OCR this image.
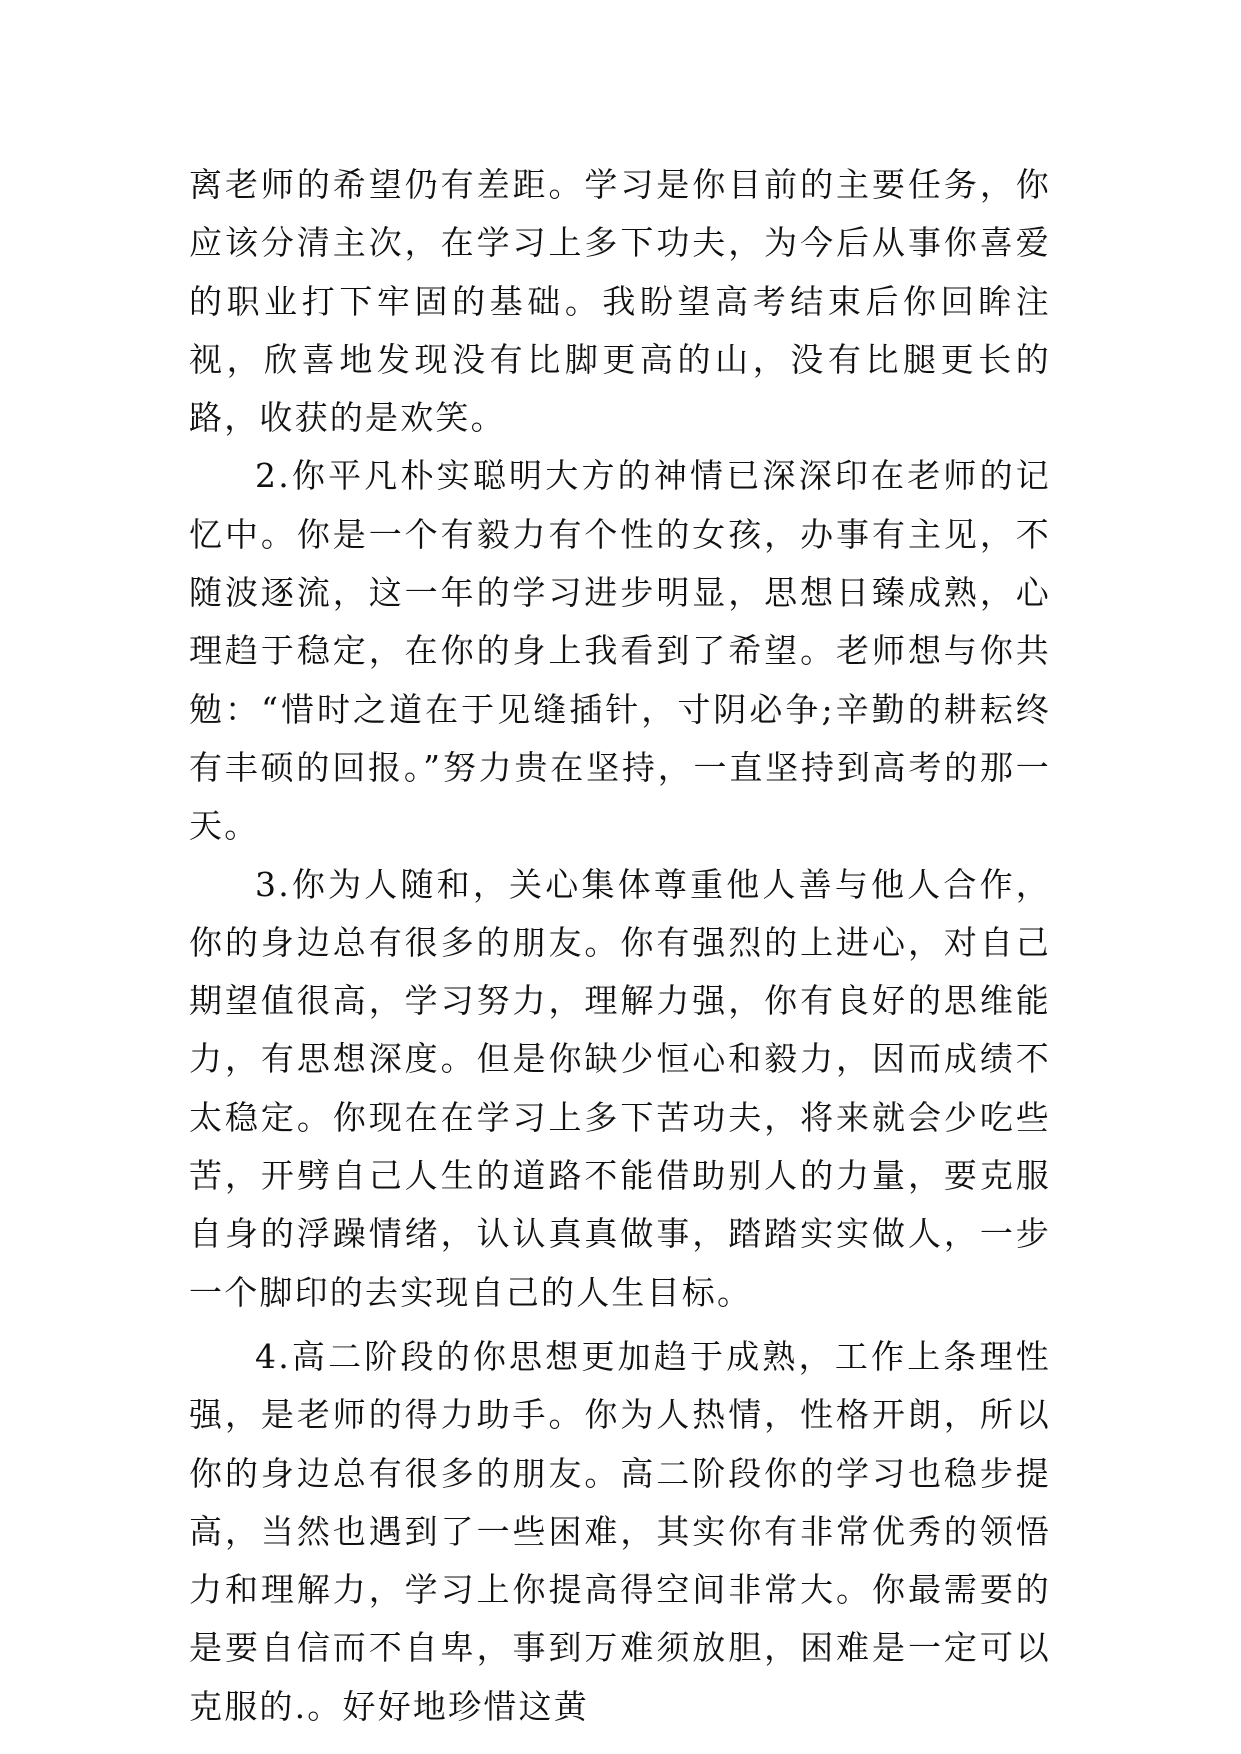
离老师的希望仍有差距。学习是你目前的主要任务，你应该分清主次，在学习上多下功夫，为今后从事你喜爱的职业打下牢固的基础。我盼望高考结束后你回眸注视，欣喜地发现没有比脚更高的山，没有比腿更长的路，收获的是欢笑。

2.你平凡朴实聪明大方的神情已深深印在老师的记忆中。你是一个有毅力有个性的女孩，办事有主见，不随波逐流，这一年的学习进步明显，思想日臻成熟，心理趋于稳定，在你的身上我看到了希望。老师想与你共勉：“惜时之道在于见缝插针，寸阴必争;辛勤的耕耘终有丰硕的回报。”努力贵在坚持，一直坚持到高考的那一天。

3.你为人随和，关心集体尊重他人善与他人合作，你的身边总有很多的朋友。你有强烈的上进心，对自己期望值很高，学习努力，理解力强，你有良好的思维能力，有思想深度。但是你缺少恒心和毅力，因而成绩不太稳定。你现在在学习上多下苦功夫，将来就会少吃些苦，开劈自己人生的道路不能借助别人的力量，要克服自身的浮躁情绪，认认真真做事，踏踏实实做人，一步一个脚印的去实现自己的人生目标。

4.高二阶段的你思想更加趋于成熟，工作上条理性强，是老师的得力助手。你为人热情，性格开朗，所以你的身边总有很多的朋友。高二阶段你的学习也稳步提高，当然也遇到了一些困难，其实你有非常优秀的领悟力和理解力，学习上你提高得空间非常大。你最需要的是要自信而不自卑，事到万难须放胆，困难是一定可以克服的.。好好地珍惜这黄
